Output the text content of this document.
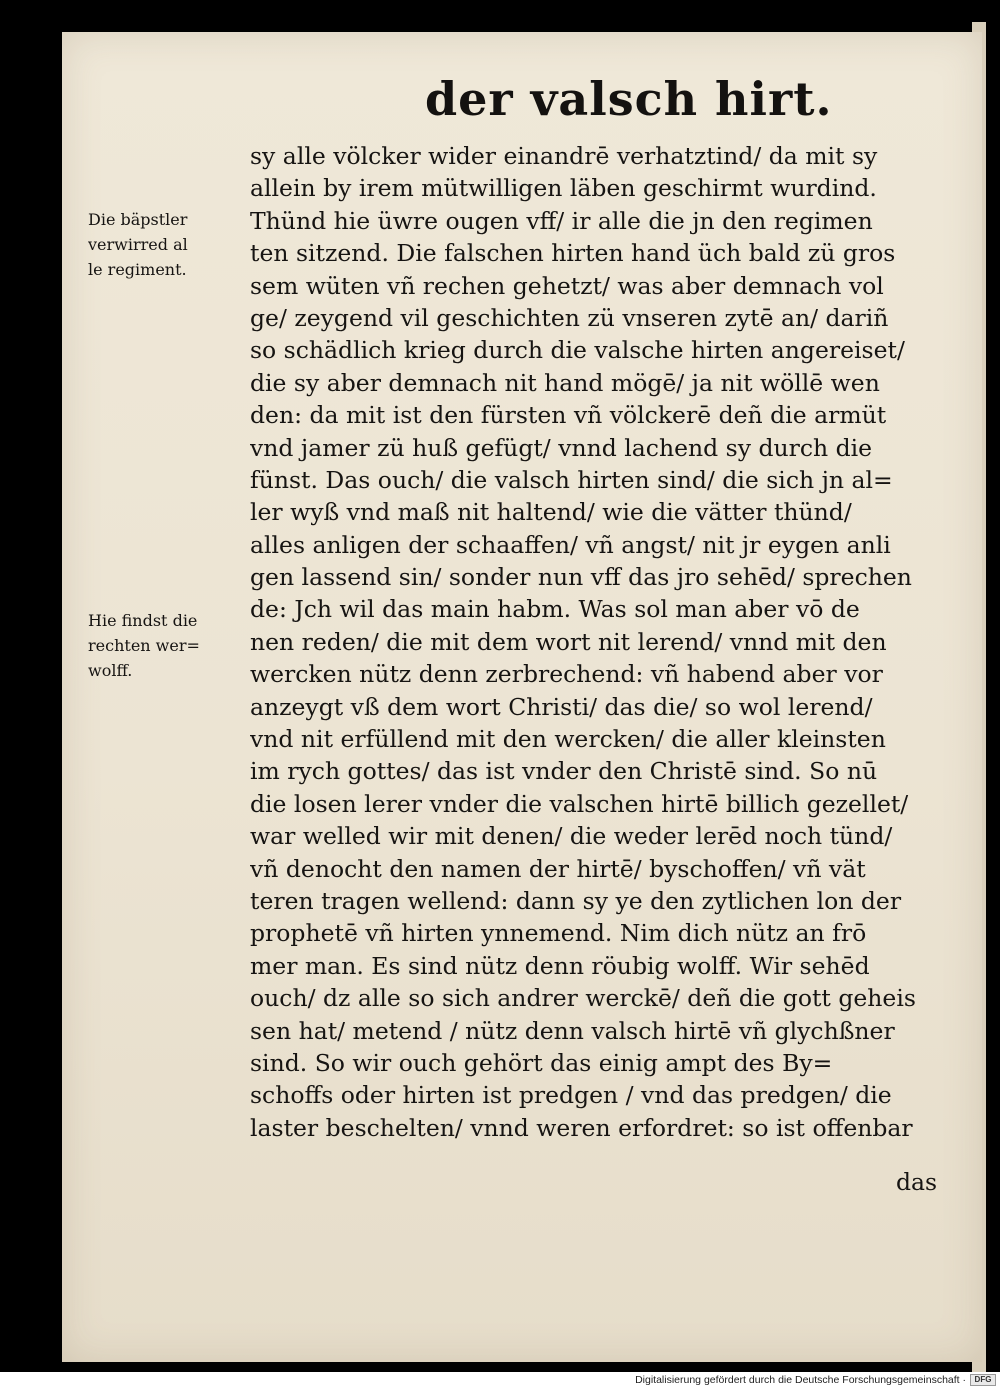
der valsch hirt.
Die bäpstler
verwirred al
le regiment.
Hie findst die
rechten wer=
wolff.
sy alle völcker wider einandrē verhatztind/ da mit sy
allein by irem mütwilligen läben geschirmt wurdind.
Thünd hie üwre ougen vff/ ir alle die jn den regimen
ten sitzend. Die falschen hirten hand üch bald zü gros
sem wüten vñ rechen gehetzt/ was aber demnach vol
ge/ zeygend vil geschichten zü vnseren zytē an/ dariñ
so schädlich krieg durch die valsche hirten angereiset/
die sy aber demnach nit hand mögē/ ja nit wöllē wen
den: da mit ist den fürsten vñ völckerē deñ die armüt
vnd jamer zü huß gefügt/ vnnd lachend sy durch die
fünst. Das ouch/ die valsch hirten sind/ die sich jn al=
ler wyß vnd maß nit haltend/ wie die vätter thünd/
alles anligen der schaaffen/ vñ angst/ nit jr eygen anli
gen lassend sin/ sonder nun vff das jro sehēd/ sprechen
de: Jch wil das main habm. Was sol man aber vō de
nen reden/ die mit dem wort nit lerend/ vnnd mit den
wercken nütz denn zerbrechend: vñ habend aber vor
anzeygt vß dem wort Christi/ das die/ so wol lerend/
vnd nit erfüllend mit den wercken/ die aller kleinsten
im rych gottes/ das ist vnder den Christē sind. So nū
die losen lerer vnder die valschen hirtē billich gezellet/
war welled wir mit denen/ die weder lerēd noch tünd/
vñ denocht den namen der hirtē/ byschoffen/ vñ vät
teren tragen wellend: dann sy ye den zytlichen lon der
prophetē vñ hirten ynnemend. Nim dich nütz an frō
mer man. Es sind nütz denn röubig wolff. Wir sehēd
ouch/ dz alle so sich andrer werckē/ deñ die gott geheis
sen hat/ metend / nütz denn valsch hirtē vñ glychßner
sind. So wir ouch gehört das einig ampt des By=
schoffs oder hirten ist predgen / vnd das predgen/ die
laster beschelten/ vnnd weren erfordret: so ist offenbar
das
Digitalisierung gefördert durch die Deutsche Forschungsgemeinschaft ·	DFG
